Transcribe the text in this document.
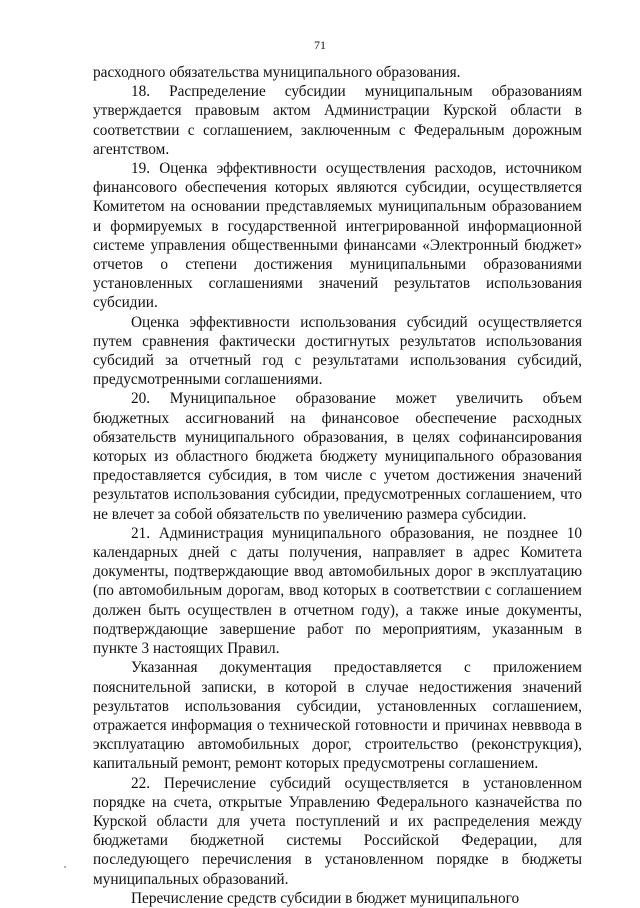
71

расходного обязательства муниципального образования.

18. Распределение субсидии муниципальным образованиям утверждается правовым актом Администрации Курской области в соответствии с соглашением, заключенным с Федеральным дорожным агентством.

19. Оценка эффективности осуществления расходов, источником финансового обеспечения которых являются субсидии, осуществляется Комитетом на основании представляемых муниципальным образованием и формируемых в государственной интегрированной информационной системе управления общественными финансами «Электронный бюджет» отчетов о степени достижения муниципальными образованиями установленных соглашениями значений результатов использования субсидии.

Оценка эффективности использования субсидий осуществляется путем сравнения фактически достигнутых результатов использования субсидий за отчетный год с результатами использования субсидий, предусмотренными соглашениями.

20. Муниципальное образование может увеличить объем бюджетных ассигнований на финансовое обеспечение расходных обязательств муниципального образования, в целях софинансирования которых из областного бюджета бюджету муниципального образования предоставляется субсидия, в том числе с учетом достижения значений результатов использования субсидии, предусмотренных соглашением, что не влечет за собой обязательств по увеличению размера субсидии.

21. Администрация муниципального образования, не позднее 10 календарных дней с даты получения, направляет в адрес Комитета документы, подтверждающие ввод автомобильных дорог в эксплуатацию (по автомобильным дорогам, ввод которых в соответствии с соглашением должен быть осуществлен в отчетном году), а также иные документы, подтверждающие завершение работ по мероприятиям, указанным в пункте 3 настоящих Правил.

Указанная документация предоставляется с приложением пояснительной записки, в которой в случае недостижения значений результатов использования субсидии, установленных соглашением, отражается информация о технической готовности и причинах невввода в эксплуатацию автомобильных дорог, строительство (реконструкция), капитальный ремонт, ремонт которых предусмотрены соглашением.

22. Перечисление субсидий осуществляется в установленном порядке на счета, открытые Управлению Федерального казначейства по Курской области для учета поступлений и их распределения между бюджетами бюджетной системы Российской Федерации, для последующего перечисления в установленном порядке в бюджеты муниципальных образований.

Перечисление средств субсидии в бюджет муниципального
